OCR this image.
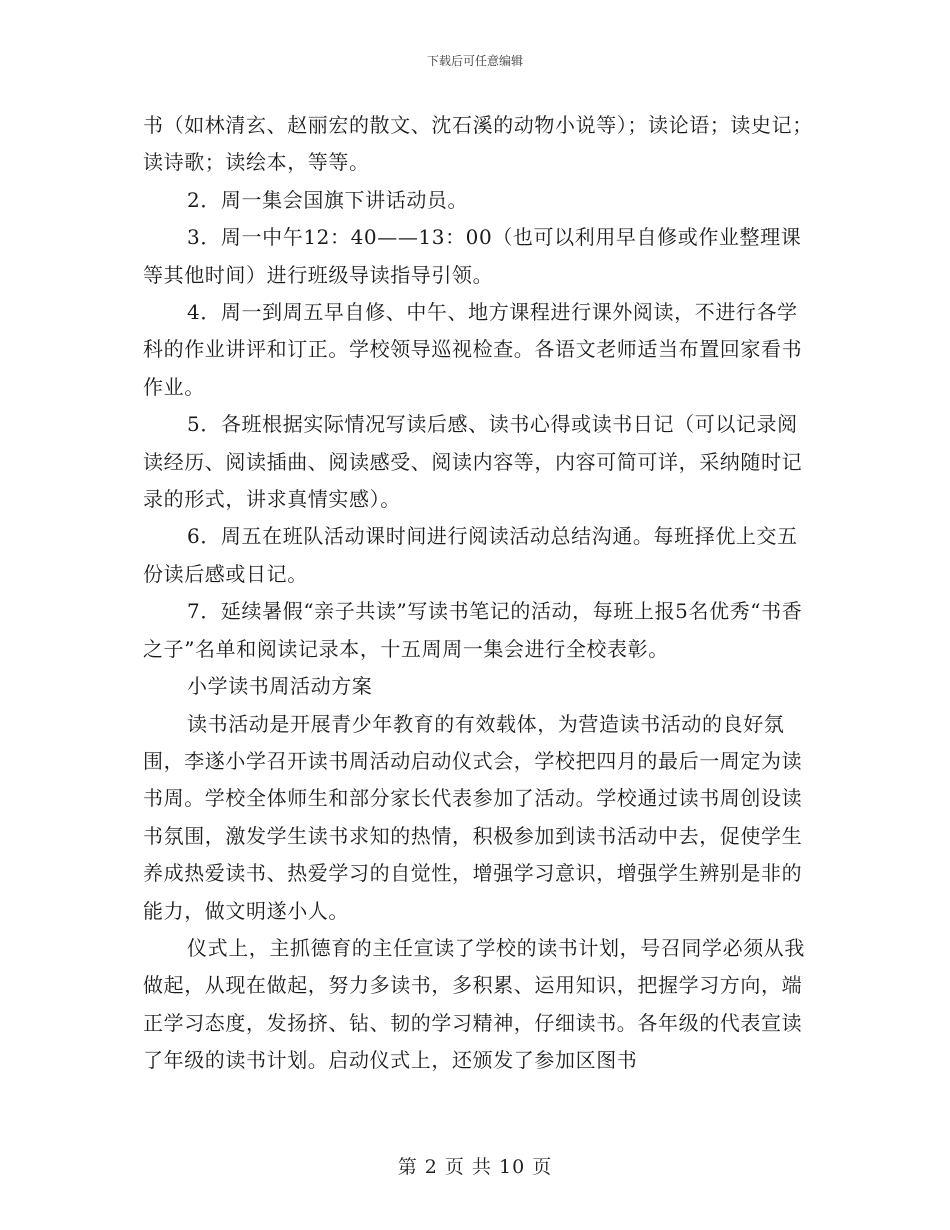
下载后可任意编辑

书（如林清玄、赵丽宏的散文、沈石溪的动物小说等）；读论语；读史记；读诗歌；读绘本，等等。

2．周一集会国旗下讲话动员。

3．周一中午12：40——13：00（也可以利用早自修或作业整理课等其他时间）进行班级导读指导引领。

4．周一到周五早自修、中午、地方课程进行课外阅读，不进行各学科的作业讲评和订正。学校领导巡视检查。各语文老师适当布置回家看书作业。

5．各班根据实际情况写读后感、读书心得或读书日记（可以记录阅读经历、阅读插曲、阅读感受、阅读内容等，内容可简可详，采纳随时记录的形式，讲求真情实感）。

6．周五在班队活动课时间进行阅读活动总结沟通。每班择优上交五份读后感或日记。

7．延续暑假“亲子共读”写读书笔记的活动，每班上报5名优秀“书香之子”名单和阅读记录本，十五周周一集会进行全校表彰。

小学读书周活动方案

读书活动是开展青少年教育的有效载体，为营造读书活动的良好氛围，李遂小学召开读书周活动启动仪式会，学校把四月的最后一周定为读书周。学校全体师生和部分家长代表参加了活动。学校通过读书周创设读书氛围，激发学生读书求知的热情，积极参加到读书活动中去，促使学生养成热爱读书、热爱学习的自觉性，增强学习意识，增强学生辨别是非的能力，做文明遂小人。

仪式上，主抓德育的主任宣读了学校的读书计划，号召同学必须从我做起，从现在做起，努力多读书，多积累、运用知识，把握学习方向，端正学习态度，发扬挤、钻、韧的学习精神，仔细读书。各年级的代表宣读了年级的读书计划。启动仪式上，还颁发了参加区图书

第 2 页 共 10 页
